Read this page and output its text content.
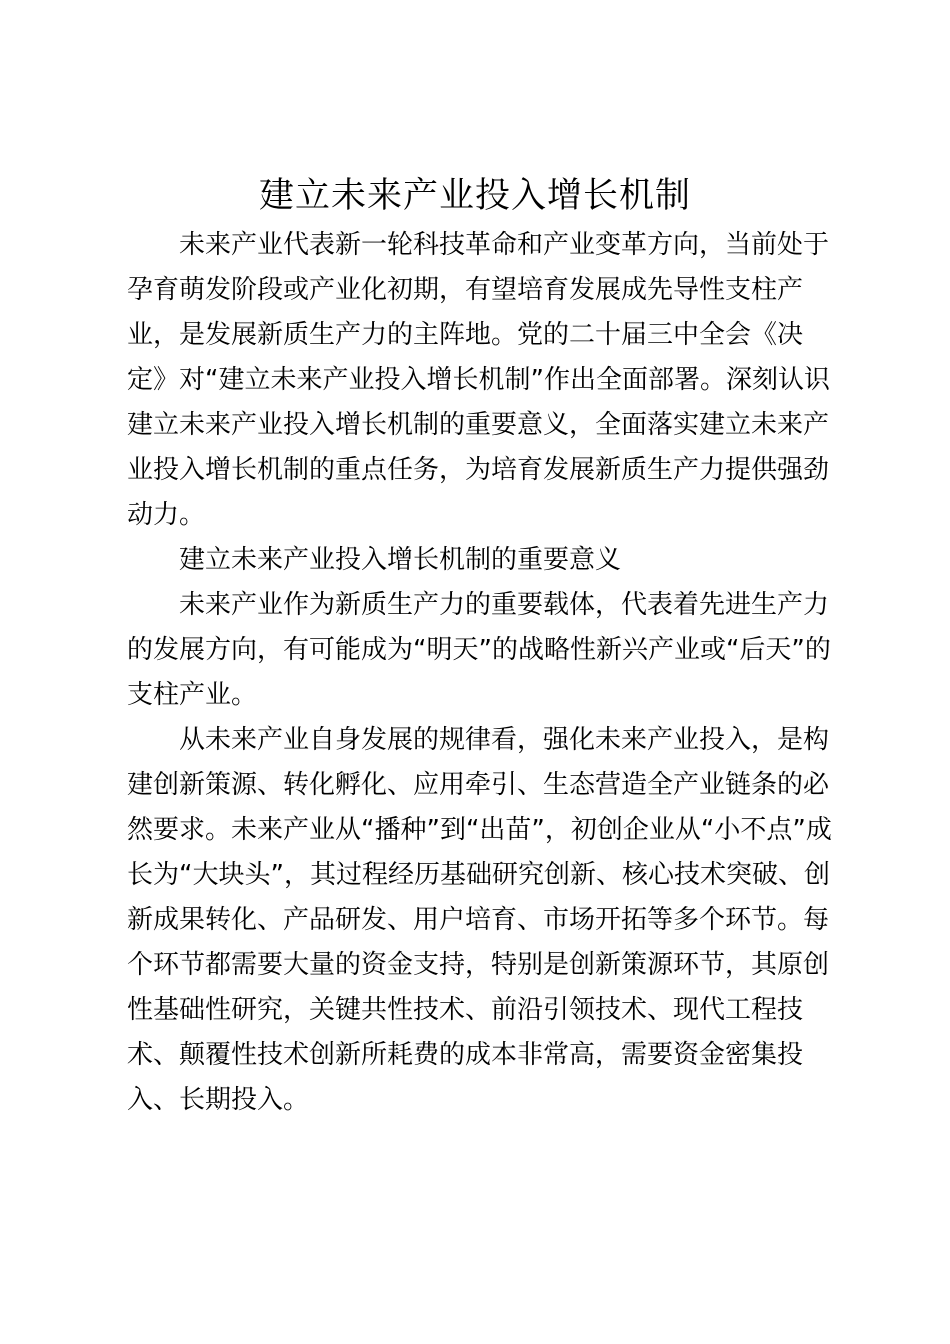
建立未来产业投入增长机制
未来产业代表新一轮科技革命和产业变革方向，当前处于
孕育萌发阶段或产业化初期，有望培育发展成先导性支柱产
业，是发展新质生产力的主阵地。党的二十届三中全会《决
定》对“建立未来产业投入增长机制”作出全面部署。深刻认识
建立未来产业投入增长机制的重要意义，全面落实建立未来产
业投入增长机制的重点任务，为培育发展新质生产力提供强劲
动力。
建立未来产业投入增长机制的重要意义
未来产业作为新质生产力的重要载体，代表着先进生产力
的发展方向，有可能成为“明天”的战略性新兴产业或“后天”的
支柱产业。
从未来产业自身发展的规律看，强化未来产业投入，是构
建创新策源、转化孵化、应用牵引、生态营造全产业链条的必
然要求。未来产业从“播种”到“出苗”，初创企业从“小不点”成
长为“大块头”，其过程经历基础研究创新、核心技术突破、创
新成果转化、产品研发、用户培育、市场开拓等多个环节。每
个环节都需要大量的资金支持，特别是创新策源环节，其原创
性基础性研究，关键共性技术、前沿引领技术、现代工程技
术、颠覆性技术创新所耗费的成本非常高，需要资金密集投
入、长期投入。
